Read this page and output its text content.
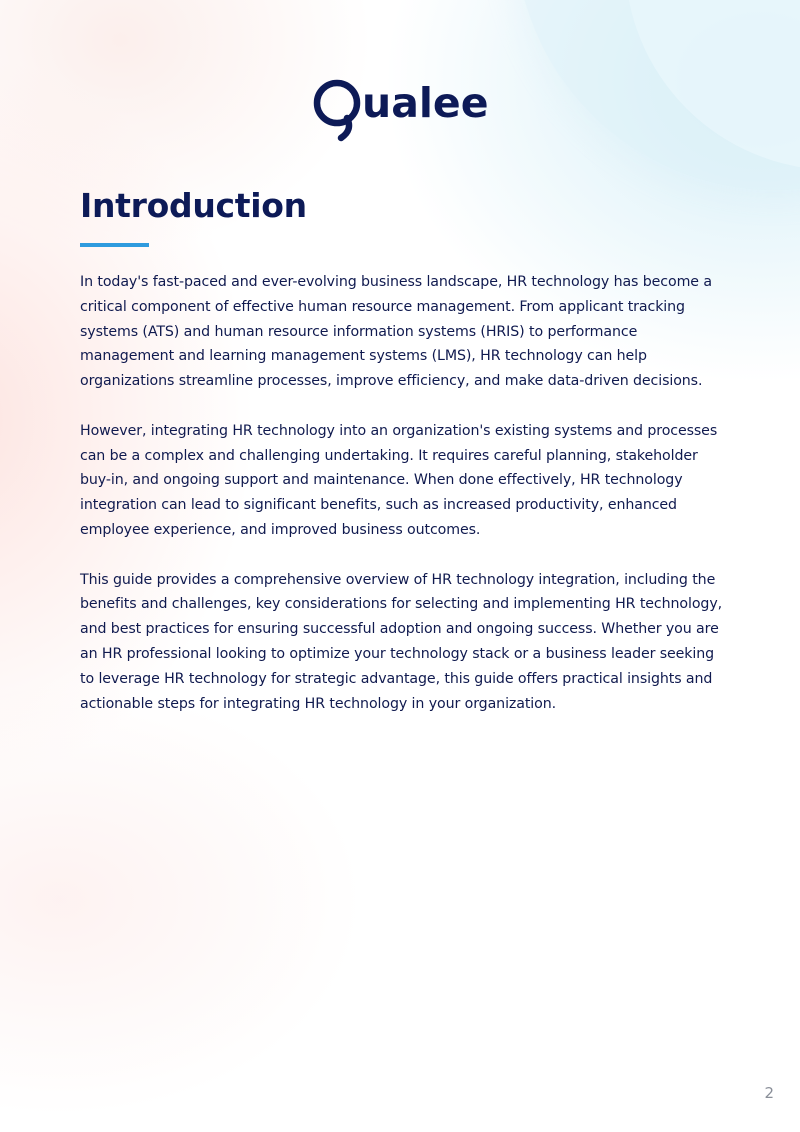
ualee
Introduction

In today's fast-paced and ever-evolving business landscape, HR technology has become a critical component of effective human resource management. From applicant tracking systems (ATS) and human resource information systems (HRIS) to performance management and learning management systems (LMS), HR technology can help organizations streamline processes, improve efficiency, and make data-driven decisions.

However, integrating HR technology into an organization's existing systems and processes can be a complex and challenging undertaking. It requires careful planning, stakeholder buy-in, and ongoing support and maintenance. When done effectively, HR technology integration can lead to significant benefits, such as increased productivity, enhanced employee experience, and improved business outcomes.

This guide provides a comprehensive overview of HR technology integration, including the benefits and challenges, key considerations for selecting and implementing HR technology, and best practices for ensuring successful adoption and ongoing success. Whether you are an HR professional looking to optimize your technology stack or a business leader seeking to leverage HR technology for strategic advantage, this guide offers practical insights and actionable steps for integrating HR technology in your organization.

2
